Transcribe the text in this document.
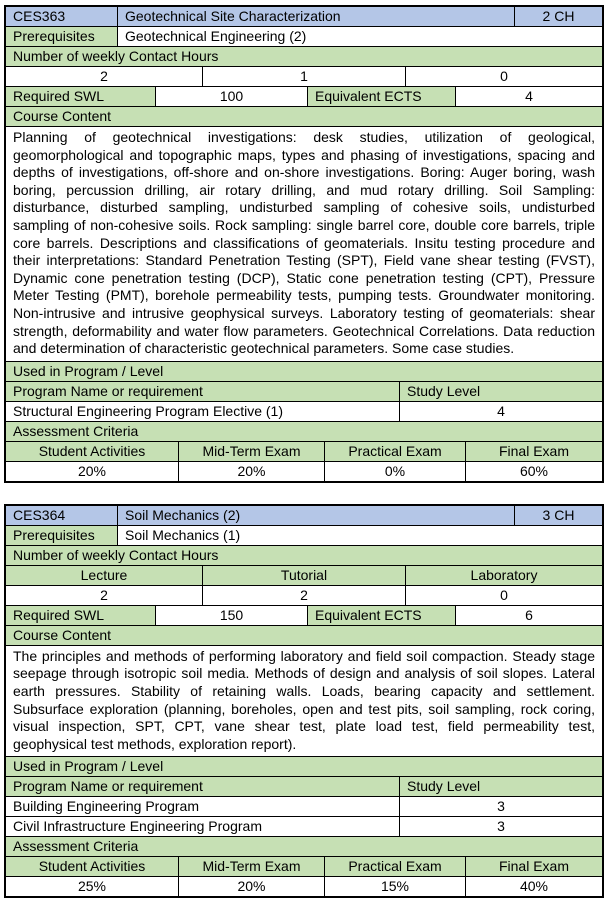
CES363	Geotechnical Site Characterization	2 CH
Prerequisites	Geotechnical Engineering (2)
Number of weekly Contact Hours
2	1	0
Required SWL	100	Equivalent ECTS	4
Course Content
Planning of geotechnical investigations: desk studies, utilization of geological, geomorphological and topographic maps, types and phasing of investigations, spacing and depths of investigations, off-shore and on-shore investigations. Boring: Auger boring, wash boring, percussion drilling, air rotary drilling, and mud rotary drilling. Soil Sampling: disturbance, disturbed sampling, undisturbed sampling of cohesive soils, undisturbed sampling of non-cohesive soils. Rock sampling: single barrel core, double core barrels, triple core barrels. Descriptions and classifications of geomaterials. Insitu testing procedure and their interpretations: Standard Penetration Testing (SPT), Field vane shear testing (FVST), Dynamic cone penetration testing (DCP), Static cone penetration testing (CPT), Pressure Meter Testing (PMT), borehole permeability tests, pumping tests. Groundwater monitoring. Non-intrusive and intrusive geophysical surveys. Laboratory testing of geomaterials: shear strength, deformability and water flow parameters. Geotechnical Correlations. Data reduction and determination of characteristic geotechnical parameters. Some case studies.
Used in Program / Level
Program Name or requirement	Study Level
Structural Engineering Program Elective (1)	4
Assessment Criteria
Student Activities	Mid-Term Exam	Practical Exam	Final Exam
20%	20%	0%	60%
CES364	Soil Mechanics (2)	3 CH
Prerequisites	Soil Mechanics (1)
Number of weekly Contact Hours
Lecture	Tutorial	Laboratory
2	2	0
Required SWL	150	Equivalent ECTS	6
Course Content
The principles and methods of performing laboratory and field soil compaction. Steady stage seepage through isotropic soil media. Methods of design and analysis of soil slopes. Lateral earth pressures. Stability of retaining walls. Loads, bearing capacity and settlement. Subsurface exploration (planning, boreholes, open and test pits, soil sampling, rock coring, visual inspection, SPT, CPT, vane shear test, plate load test, field permeability test, geophysical test methods, exploration report).
Used in Program / Level
Program Name or requirement	Study Level
Building Engineering Program	3
Civil Infrastructure Engineering Program	3
Assessment Criteria
Student Activities	Mid-Term Exam	Practical Exam	Final Exam
25%	20%	15%	40%
